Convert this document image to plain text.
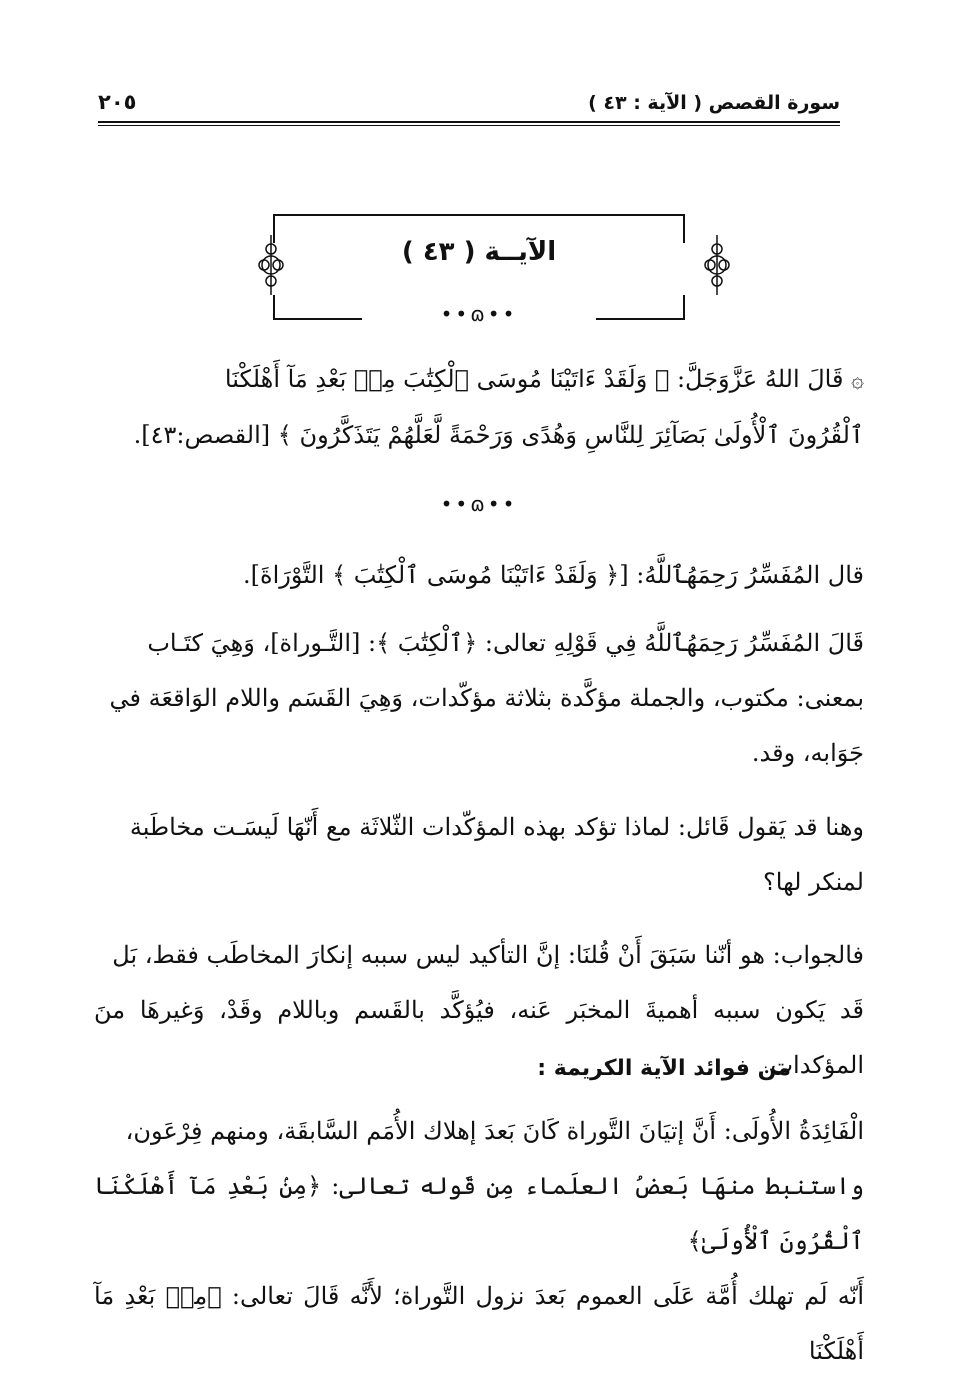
سورة القصص ( الآية : ٤٣ )
٢٠٥
الآيــة ( ٤٣ )
••ɷ••
۞ قَالَ اللهُ عَزَّوَجَلَّ: ﴿ وَلَقَدْ ءَاتَيْنَا مُوسَى ٱلْكِتَٰبَ مِنۢ بَعْدِ مَآ أَهْلَكْنَا
ٱلْقُرُونَ ٱلْأُولَىٰ بَصَآئِرَ لِلنَّاسِ وَهُدًى وَرَحْمَةً لَّعَلَّهُمْ يَتَذَكَّرُونَ ﴾ [القصص:٤٣].
••ɷ••
قال المُفَسِّرُ رَحِمَهُٱللَّهُ: [﴿ وَلَقَدْ ءَاتَيْنَا مُوسَى ٱلْكِتَٰبَ ﴾ التَّوْرَاةَ].
قَالَ المُفَسِّرُ رَحِمَهُٱللَّهُ فِي قَوْلِهِ تعالى: ﴿ٱلْكِتَٰبَ ﴾: [التَّـوراة]، وَهِيَ كتَـاب
بمعنى: مكتوب، والجملة مؤكَّدة بثلاثة مؤكّدات، وَهِيَ القَسَم واللام الوَاقعَة في
جَوَابه، وقد.
وهنا قد يَقول قَائل: لماذا تؤكد بهذه المؤكّدات الثّلاثَة مع أَنّهَا لَيسَـت مخاطَبة
لمنكر لها؟
فالجواب: هو أنّنا سَبَقَ أَنْ قُلنَا: إنَّ التأكيد ليس سببه إنكارَ المخاطَب فقط، بَل
قَد يَكون سببه أهميةَ المخبَر عَنه، فيُؤكَّد بالقَسم وباللام وقَدْ، وَغيرهَا منَ المؤكدات.
من فوائد الآية الكريمة :
الْفَائِدَةُ الأُولَى: أَنَّ إتيَانَ التَّوراة كَانَ بَعدَ إهلاك الأُمَم السَّابقَة، ومنهم فِرْعَون،
واستنبط منهَا بَعضُ العلَماء مِن قَوله تعالى: ﴿مِنۢ بَعْدِ مَآ أَهْلَكْنَا ٱلْقُرُونَ ٱلْأُولَىٰ﴾
أَنّه لَم تهلك أُمَّة عَلَى العموم بَعدَ نزول التَّوراة؛ لأَنَّه قَالَ تعالى: ﴿مِنۢ بَعْدِ مَآ أَهْلَكْنَا
